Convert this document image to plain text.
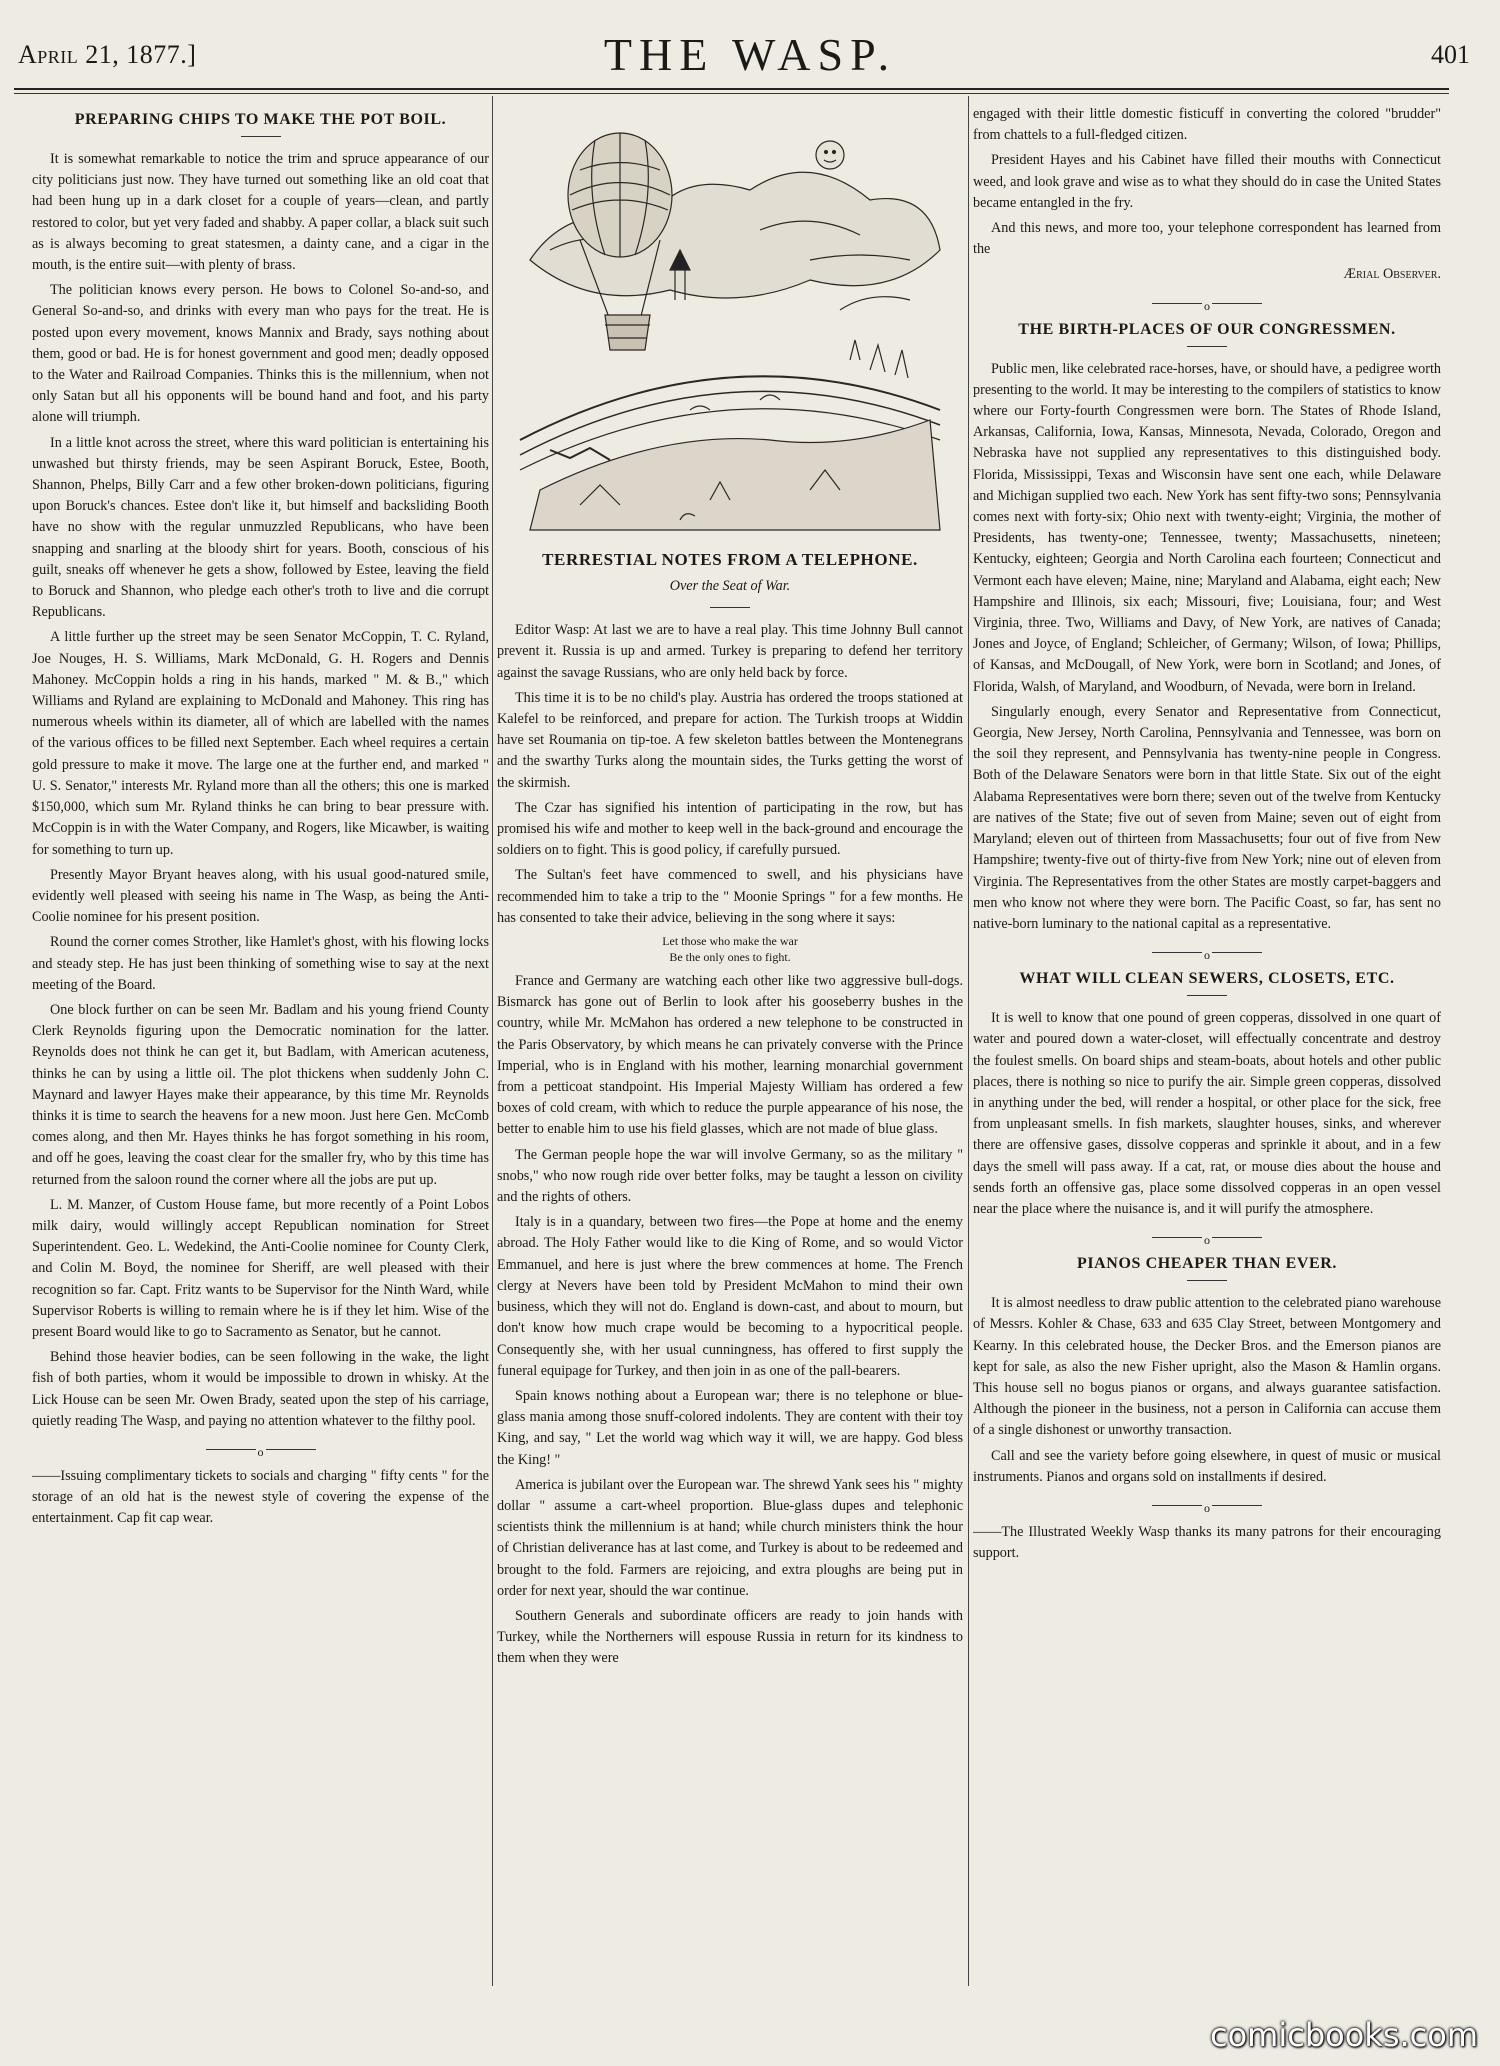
April 21, 1877.]	THE WASP.	401
PREPARING CHIPS TO MAKE THE POT BOIL.

It is somewhat remarkable to notice the trim and spruce appearance of our city politicians just now. They have turned out something like an old coat that had been hung up in a dark closet for a couple of years—clean, and partly restored to color, but yet very faded and shabby. A paper collar, a black suit such as is always becoming to great statesmen, a dainty cane, and a cigar in the mouth, is the entire suit—with plenty of brass.

The politician knows every person. He bows to Colonel So-and-so, and General So-and-so, and drinks with every man who pays for the treat. He is posted upon every movement, knows Mannix and Brady, says nothing about them, good or bad. He is for honest government and good men; deadly opposed to the Water and Railroad Companies. Thinks this is the millennium, when not only Satan but all his opponents will be bound hand and foot, and his party alone will triumph.

In a little knot across the street, where this ward politician is entertaining his unwashed but thirsty friends, may be seen Aspirant Boruck, Estee, Booth, Shannon, Phelps, Billy Carr and a few other broken-down politicians, figuring upon Boruck's chances. Estee don't like it, but himself and backsliding Booth have no show with the regular unmuzzled Republicans, who have been snapping and snarling at the bloody shirt for years. Booth, conscious of his guilt, sneaks off whenever he gets a show, followed by Estee, leaving the field to Boruck and Shannon, who pledge each other's troth to live and die corrupt Republicans.

A little further up the street may be seen Senator McCoppin, T. C. Ryland, Joe Nouges, H. S. Williams, Mark McDonald, G. H. Rogers and Dennis Mahoney. McCoppin holds a ring in his hands, marked " M. & B.," which Williams and Ryland are explaining to McDonald and Mahoney. This ring has numerous wheels within its diameter, all of which are labelled with the names of the various offices to be filled next September. Each wheel requires a certain gold pressure to make it move. The large one at the further end, and marked " U. S. Senator," interests Mr. Ryland more than all the others; this one is marked $150,000, which sum Mr. Ryland thinks he can bring to bear pressure with. McCoppin is in with the Water Company, and Rogers, like Micawber, is waiting for something to turn up.

Presently Mayor Bryant heaves along, with his usual good-natured smile, evidently well pleased with seeing his name in The Wasp, as being the Anti-Coolie nominee for his present position.

Round the corner comes Strother, like Hamlet's ghost, with his flowing locks and steady step. He has just been thinking of something wise to say at the next meeting of the Board.

One block further on can be seen Mr. Badlam and his young friend County Clerk Reynolds figuring upon the Democratic nomination for the latter. Reynolds does not think he can get it, but Badlam, with American acuteness, thinks he can by using a little oil. The plot thickens when suddenly John C. Maynard and lawyer Hayes make their appearance, by this time Mr. Reynolds thinks it is time to search the heavens for a new moon. Just here Gen. McComb comes along, and then Mr. Hayes thinks he has forgot something in his room, and off he goes, leaving the coast clear for the smaller fry, who by this time has returned from the saloon round the corner where all the jobs are put up.

L. M. Manzer, of Custom House fame, but more recently of a Point Lobos milk dairy, would willingly accept Republican nomination for Street Superintendent. Geo. L. Wedekind, the Anti-Coolie nominee for County Clerk, and Colin M. Boyd, the nominee for Sheriff, are well pleased with their recognition so far. Capt. Fritz wants to be Supervisor for the Ninth Ward, while Supervisor Roberts is willing to remain where he is if they let him. Wise of the present Board would like to go to Sacramento as Senator, but he cannot.

Behind those heavier bodies, can be seen following in the wake, the light fish of both parties, whom it would be impossible to drown in whisky. At the Lick House can be seen Mr. Owen Brady, seated upon the step of his carriage, quietly reading The Wasp, and paying no attention whatever to the filthy pool.

o

——Issuing complimentary tickets to socials and charging " fifty cents " for the storage of an old hat is the newest style of covering the expense of the entertainment. Cap fit cap wear.

TERRESTIAL NOTES FROM A TELEPHONE.
Over the Seat of War.

Editor Wasp: At last we are to have a real play. This time Johnny Bull cannot prevent it. Russia is up and armed. Turkey is preparing to defend her territory against the savage Russians, who are only held back by force.

This time it is to be no child's play. Austria has ordered the troops stationed at Kalefel to be reinforced, and prepare for action. The Turkish troops at Widdin have set Roumania on tip-toe. A few skeleton battles between the Montenegrans and the swarthy Turks along the mountain sides, the Turks getting the worst of the skirmish.

The Czar has signified his intention of participating in the row, but has promised his wife and mother to keep well in the back-ground and encourage the soldiers on to fight. This is good policy, if carefully pursued.

The Sultan's feet have commenced to swell, and his physicians have recommended him to take a trip to the " Moonie Springs " for a few months. He has consented to take their advice, believing in the song where it says:

Let those who make the war
Be the only ones to fight.

France and Germany are watching each other like two aggressive bull-dogs. Bismarck has gone out of Berlin to look after his gooseberry bushes in the country, while Mr. McMahon has ordered a new telephone to be constructed in the Paris Observatory, by which means he can privately converse with the Prince Imperial, who is in England with his mother, learning monarchial government from a petticoat standpoint. His Imperial Majesty William has ordered a few boxes of cold cream, with which to reduce the purple appearance of his nose, the better to enable him to use his field glasses, which are not made of blue glass.

The German people hope the war will involve Germany, so as the military " snobs," who now rough ride over better folks, may be taught a lesson on civility and the rights of others.

Italy is in a quandary, between two fires—the Pope at home and the enemy abroad. The Holy Father would like to die King of Rome, and so would Victor Emmanuel, and here is just where the brew commences at home. The French clergy at Nevers have been told by President McMahon to mind their own business, which they will not do. England is down-cast, and about to mourn, but don't know how much crape would be becoming to a hypocritical people. Consequently she, with her usual cunningness, has offered to first supply the funeral equipage for Turkey, and then join in as one of the pall-bearers.

Spain knows nothing about a European war; there is no telephone or blue-glass mania among those snuff-colored indolents. They are content with their toy King, and say, " Let the world wag which way it will, we are happy. God bless the King! "

America is jubilant over the European war. The shrewd Yank sees his " mighty dollar " assume a cart-wheel proportion. Blue-glass dupes and telephonic scientists think the millennium is at hand; while church ministers think the hour of Christian deliverance has at last come, and Turkey is about to be redeemed and brought to the fold. Farmers are rejoicing, and extra ploughs are being put in order for next year, should the war continue.

Southern Generals and subordinate officers are ready to join hands with Turkey, while the Northerners will espouse Russia in return for its kindness to them when they were

engaged with their little domestic fisticuff in converting the colored "brudder" from chattels to a full-fledged citizen.

President Hayes and his Cabinet have filled their mouths with Connecticut weed, and look grave and wise as to what they should do in case the United States became entangled in the fry.

And this news, and more too, your telephone correspondent has learned from the

Ærial Observer.

o
THE BIRTH-PLACES OF OUR CONGRESSMEN.

Public men, like celebrated race-horses, have, or should have, a pedigree worth presenting to the world. It may be interesting to the compilers of statistics to know where our Forty-fourth Congressmen were born. The States of Rhode Island, Arkansas, California, Iowa, Kansas, Minnesota, Nevada, Colorado, Oregon and Nebraska have not supplied any representatives to this distinguished body. Florida, Mississippi, Texas and Wisconsin have sent one each, while Delaware and Michigan supplied two each. New York has sent fifty-two sons; Pennsylvania comes next with forty-six; Ohio next with twenty-eight; Virginia, the mother of Presidents, has twenty-one; Tennessee, twenty; Massachusetts, nineteen; Kentucky, eighteen; Georgia and North Carolina each fourteen; Connecticut and Vermont each have eleven; Maine, nine; Maryland and Alabama, eight each; New Hampshire and Illinois, six each; Missouri, five; Louisiana, four; and West Virginia, three. Two, Williams and Davy, of New York, are natives of Canada; Jones and Joyce, of England; Schleicher, of Germany; Wilson, of Iowa; Phillips, of Kansas, and McDougall, of New York, were born in Scotland; and Jones, of Florida, Walsh, of Maryland, and Woodburn, of Nevada, were born in Ireland.

Singularly enough, every Senator and Representative from Connecticut, Georgia, New Jersey, North Carolina, Pennsylvania and Tennessee, was born on the soil they represent, and Pennsylvania has twenty-nine people in Congress. Both of the Delaware Senators were born in that little State. Six out of the eight Alabama Representatives were born there; seven out of the twelve from Kentucky are natives of the State; five out of seven from Maine; seven out of eight from Maryland; eleven out of thirteen from Massachusetts; four out of five from New Hampshire; twenty-five out of thirty-five from New York; nine out of eleven from Virginia. The Representatives from the other States are mostly carpet-baggers and men who know not where they were born. The Pacific Coast, so far, has sent no native-born luminary to the national capital as a representative.

o
WHAT WILL CLEAN SEWERS, CLOSETS, ETC.

It is well to know that one pound of green copperas, dissolved in one quart of water and poured down a water-closet, will effectually concentrate and destroy the foulest smells. On board ships and steam-boats, about hotels and other public places, there is nothing so nice to purify the air. Simple green copperas, dissolved in anything under the bed, will render a hospital, or other place for the sick, free from unpleasant smells. In fish markets, slaughter houses, sinks, and wherever there are offensive gases, dissolve copperas and sprinkle it about, and in a few days the smell will pass away. If a cat, rat, or mouse dies about the house and sends forth an offensive gas, place some dissolved copperas in an open vessel near the place where the nuisance is, and it will purify the atmosphere.

o
PIANOS CHEAPER THAN EVER.

It is almost needless to draw public attention to the celebrated piano warehouse of Messrs. Kohler & Chase, 633 and 635 Clay Street, between Montgomery and Kearny. In this celebrated house, the Decker Bros. and the Emerson pianos are kept for sale, as also the new Fisher upright, also the Mason & Hamlin organs. This house sell no bogus pianos or organs, and always guarantee satisfaction. Although the pioneer in the business, not a person in California can accuse them of a single dishonest or unworthy transaction.

Call and see the variety before going elsewhere, in quest of music or musical instruments. Pianos and organs sold on installments if desired.

o

——The Illustrated Weekly Wasp thanks its many patrons for their encouraging support.

comicbooks.com
